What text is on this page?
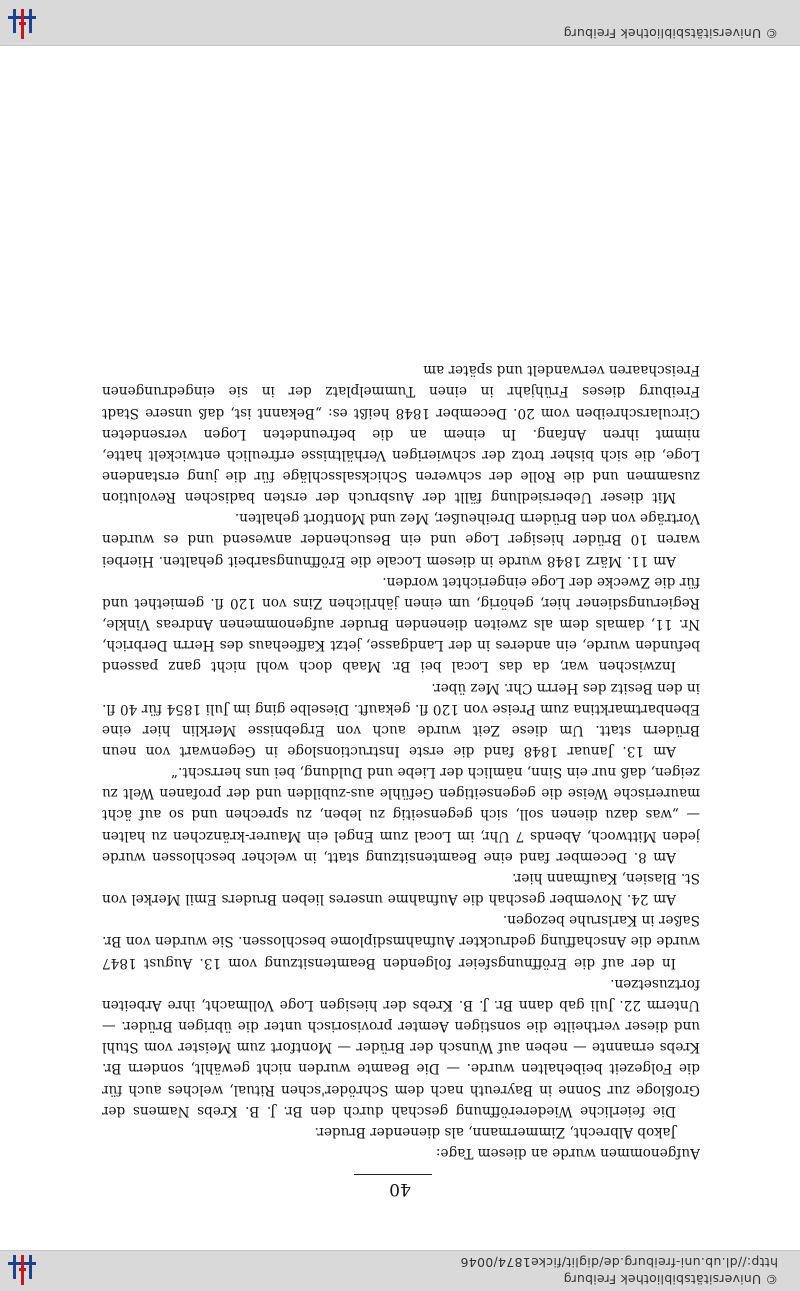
© Universitätsbibliothek Freiburg
http://dl.ub.uni-freiburg.de/diglit/ficke1874/0046
40

Aufgenommen wurde an diesem Tage:

Jakob Albrecht, Zimmermann, als dienender Bruder.

Die feierliche Wiedereröffnung geschah durch den Br. J. B. Krebs Namens der Großloge zur Sonne in Bayreuth nach dem Schröder'schen Ritual, welches auch für die Folgezeit beibehalten wurde. — Die Beamte wurden nicht gewählt, sondern Br. Krebs ernannte — neben auf Wunsch der Brüder — Montfort zum Meister vom Stuhl und dieser vertheilte die sonstigen Aemter provisorisch unter die übrigen Brüder. — Unterm 22. Juli gab dann Br. J. B. Krebs der hiesigen Loge Vollmacht, ihre Arbeiten fortzusetzen.

In der auf die Eröffnungsfeier folgenden Beamtensitzung vom 13. August 1847 wurde die Anschaffung gedruckter Aufnahmsdiplome beschlossen. Sie wurden von Br. Saßer in Karlsruhe bezogen.

Am 24. November geschah die Aufnahme unseres lieben Bruders Emil Merkel von St. Blasien, Kaufmann hier.

Am 8. December fand eine Beamtensitzung statt, in welcher beschlossen wurde jeden Mittwoch, Abends 7 Uhr, im Local zum Engel ein Maurer-kränzchen zu halten — „was dazu dienen soll, sich gegenseitig zu leben, zu sprechen und so auf ächt maurerische Weise die gegenseitigen Gefühle aus-zubilden und der profanen Welt zu zeigen, daß nur ein Sinn, nämlich der Liebe und Duldung, bei uns herrscht.“

Am 13. Januar 1848 fand die erste Instructionsloge in Gegenwart von neun Brüdern statt. Um diese Zeit wurde auch von Ergebnisse Merklin hier eine Ebenbartmarktina zum Preise von 120 fl. gekauft. Dieselbe ging im Juli 1854 für 40 fl. in den Besitz des Herrn Chr. Mez über.

Inzwischen war, da das Local bei Br. Maab doch wohl nicht ganz passend befunden wurde, ein anderes in der Landgasse, jetzt Kaffeehaus des Herrn Derbrich, Nr. 11, damals dem als zweiten dienenden Bruder aufgenommenen Andreas Vinkle, Regierungsdiener hier, gehörig, um einen jährlichen Zins von 120 fl. gemiethet und für die Zwecke der Loge eingerichtet worden.

Am 11. März 1848 wurde in diesem Locale die Eröffnungsarbeit gehalten. Hierbei waren 10 Brüder hiesiger Loge und ein Besuchender anwesend und es wurden Vorträge von den Brüdern Dreiheußer, Mez und Montfort gehalten.

Mit dieser Uebersiedlung fällt der Ausbruch der ersten badischen Revolution zusammen und die Rolle der schweren Schicksalsschläge für die jung erstandene Loge, die sich bisher trotz der schwierigen Verhältnisse erfreulich entwickelt hatte, nimmt ihren Anfang. In einem an die befreundeten Logen versendeten Circularschreiben vom 20. December 1848 heißt es: „Bekannt ist, daß unsere Stadt Freiburg dieses Frühjahr in einen Tummelplatz der in sie eingedrungenen Freischaaren verwandelt und später am

© Universitätsbibliothek Freiburg
